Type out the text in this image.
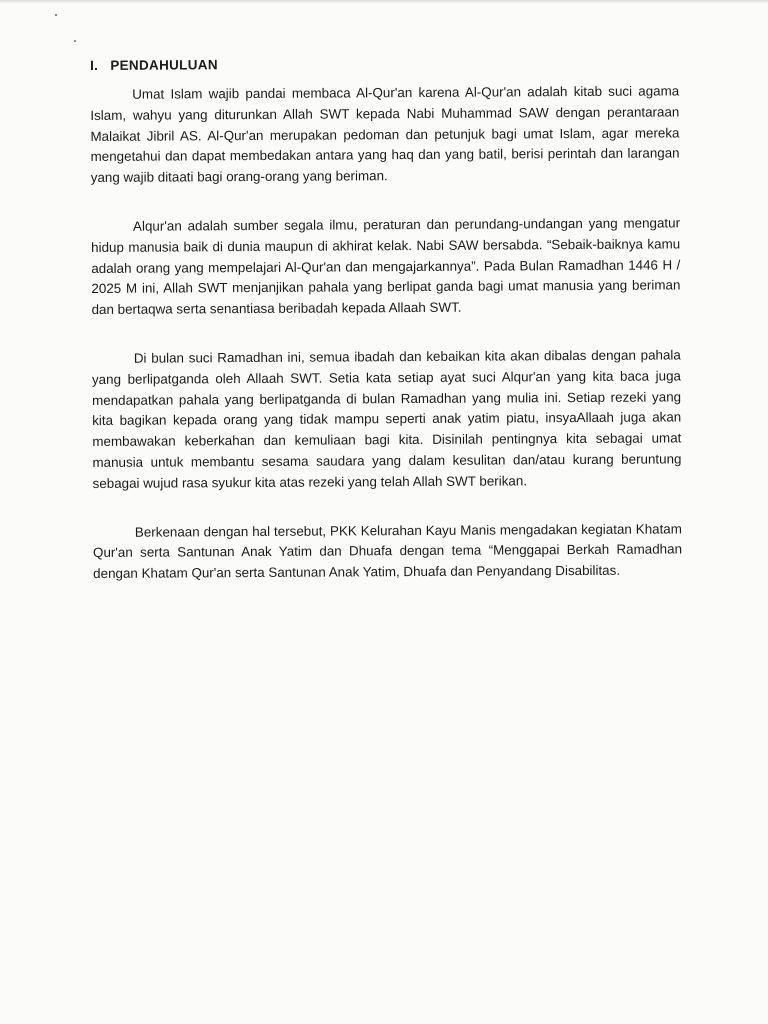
I.   PENDAHULUAN

Umat Islam wajib pandai membaca Al-Qur'an karena Al-Qur'an adalah kitab suci agama Islam, wahyu yang diturunkan Allah SWT kepada Nabi Muhammad SAW dengan perantaraan Malaikat Jibril AS. Al-Qur'an merupakan pedoman dan petunjuk bagi umat Islam, agar mereka mengetahui dan dapat membedakan antara yang haq dan yang batil, berisi perintah dan larangan yang wajib ditaati bagi orang-orang yang beriman.

Alqur'an adalah sumber segala ilmu, peraturan dan perundang-undangan yang mengatur hidup manusia baik di dunia maupun di akhirat kelak. Nabi SAW bersabda. “Sebaik-baiknya kamu adalah orang yang mempelajari Al-Qur'an dan mengajarkannya”. Pada Bulan Ramadhan 1446 H / 2025 M ini, Allah SWT menjanjikan pahala yang berlipat ganda bagi umat manusia yang beriman dan bertaqwa serta senantiasa beribadah kepada Allaah SWT.

Di bulan suci Ramadhan ini, semua ibadah dan kebaikan kita akan dibalas dengan pahala yang berlipatganda oleh Allaah SWT. Setia kata setiap ayat suci Alqur'an yang kita baca juga mendapatkan pahala yang berlipatganda di bulan Ramadhan yang mulia ini. Setiap rezeki yang kita bagikan kepada orang yang tidak mampu seperti anak yatim piatu, insyaAllaah juga akan membawakan keberkahan dan kemuliaan bagi kita. Disinilah pentingnya kita sebagai umat manusia untuk membantu sesama saudara yang dalam kesulitan dan/atau kurang beruntung sebagai wujud rasa syukur kita atas rezeki yang telah Allah SWT berikan.

Berkenaan dengan hal tersebut, PKK Kelurahan Kayu Manis mengadakan kegiatan Khatam Qur'an serta Santunan Anak Yatim dan Dhuafa dengan tema “Menggapai Berkah Ramadhan dengan Khatam Qur'an serta Santunan Anak Yatim, Dhuafa dan Penyandang Disabilitas.
